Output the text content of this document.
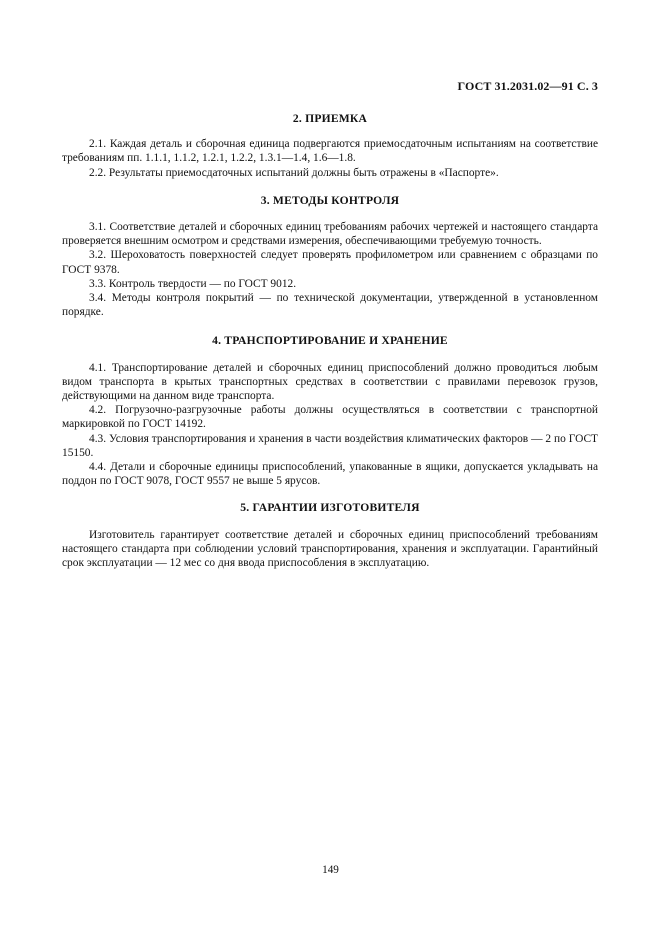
ГОСТ 31.2031.02—91 С. 3
2. ПРИЕМКА

2.1. Каждая деталь и сборочная единица подвергаются приемосдаточным испытаниям на соответствие требованиям пп. 1.1.1, 1.1.2, 1.2.1, 1.2.2, 1.3.1—1.4, 1.6—1.8.

2.2. Результаты приемосдаточных испытаний должны быть отражены в «Паспорте».

3. МЕТОДЫ КОНТРОЛЯ

3.1. Соответствие деталей и сборочных единиц требованиям рабочих чертежей и настоящего стандарта проверяется внешним осмотром и средствами измерения, обеспечивающими требуемую точность.

3.2. Шероховатость поверхностей следует проверять профилометром или сравнением с образцами по ГОСТ 9378.

3.3. Контроль твердости — по ГОСТ 9012.

3.4. Методы контроля покрытий — по технической документации, утвержденной в установленном порядке.

4. ТРАНСПОРТИРОВАНИЕ И ХРАНЕНИЕ

4.1. Транспортирование деталей и сборочных единиц приспособлений должно проводиться любым видом транспорта в крытых транспортных средствах в соответствии с правилами перевозок грузов, действующими на данном виде транспорта.

4.2. Погрузочно-разгрузочные работы должны осуществляться в соответствии с транспортной маркировкой по ГОСТ 14192.

4.3. Условия транспортирования и хранения в части воздействия климатических факторов — 2 по ГОСТ 15150.

4.4. Детали и сборочные единицы приспособлений, упакованные в ящики, допускается укладывать на поддон по ГОСТ 9078, ГОСТ 9557 не выше 5 ярусов.

5. ГАРАНТИИ ИЗГОТОВИТЕЛЯ

Изготовитель гарантирует соответствие деталей и сборочных единиц приспособлений требованиям настоящего стандарта при соблюдении условий транспортирования, хранения и эксплуатации. Гарантийный срок эксплуатации — 12 мес со дня ввода приспособления в эксплуатацию.

149
